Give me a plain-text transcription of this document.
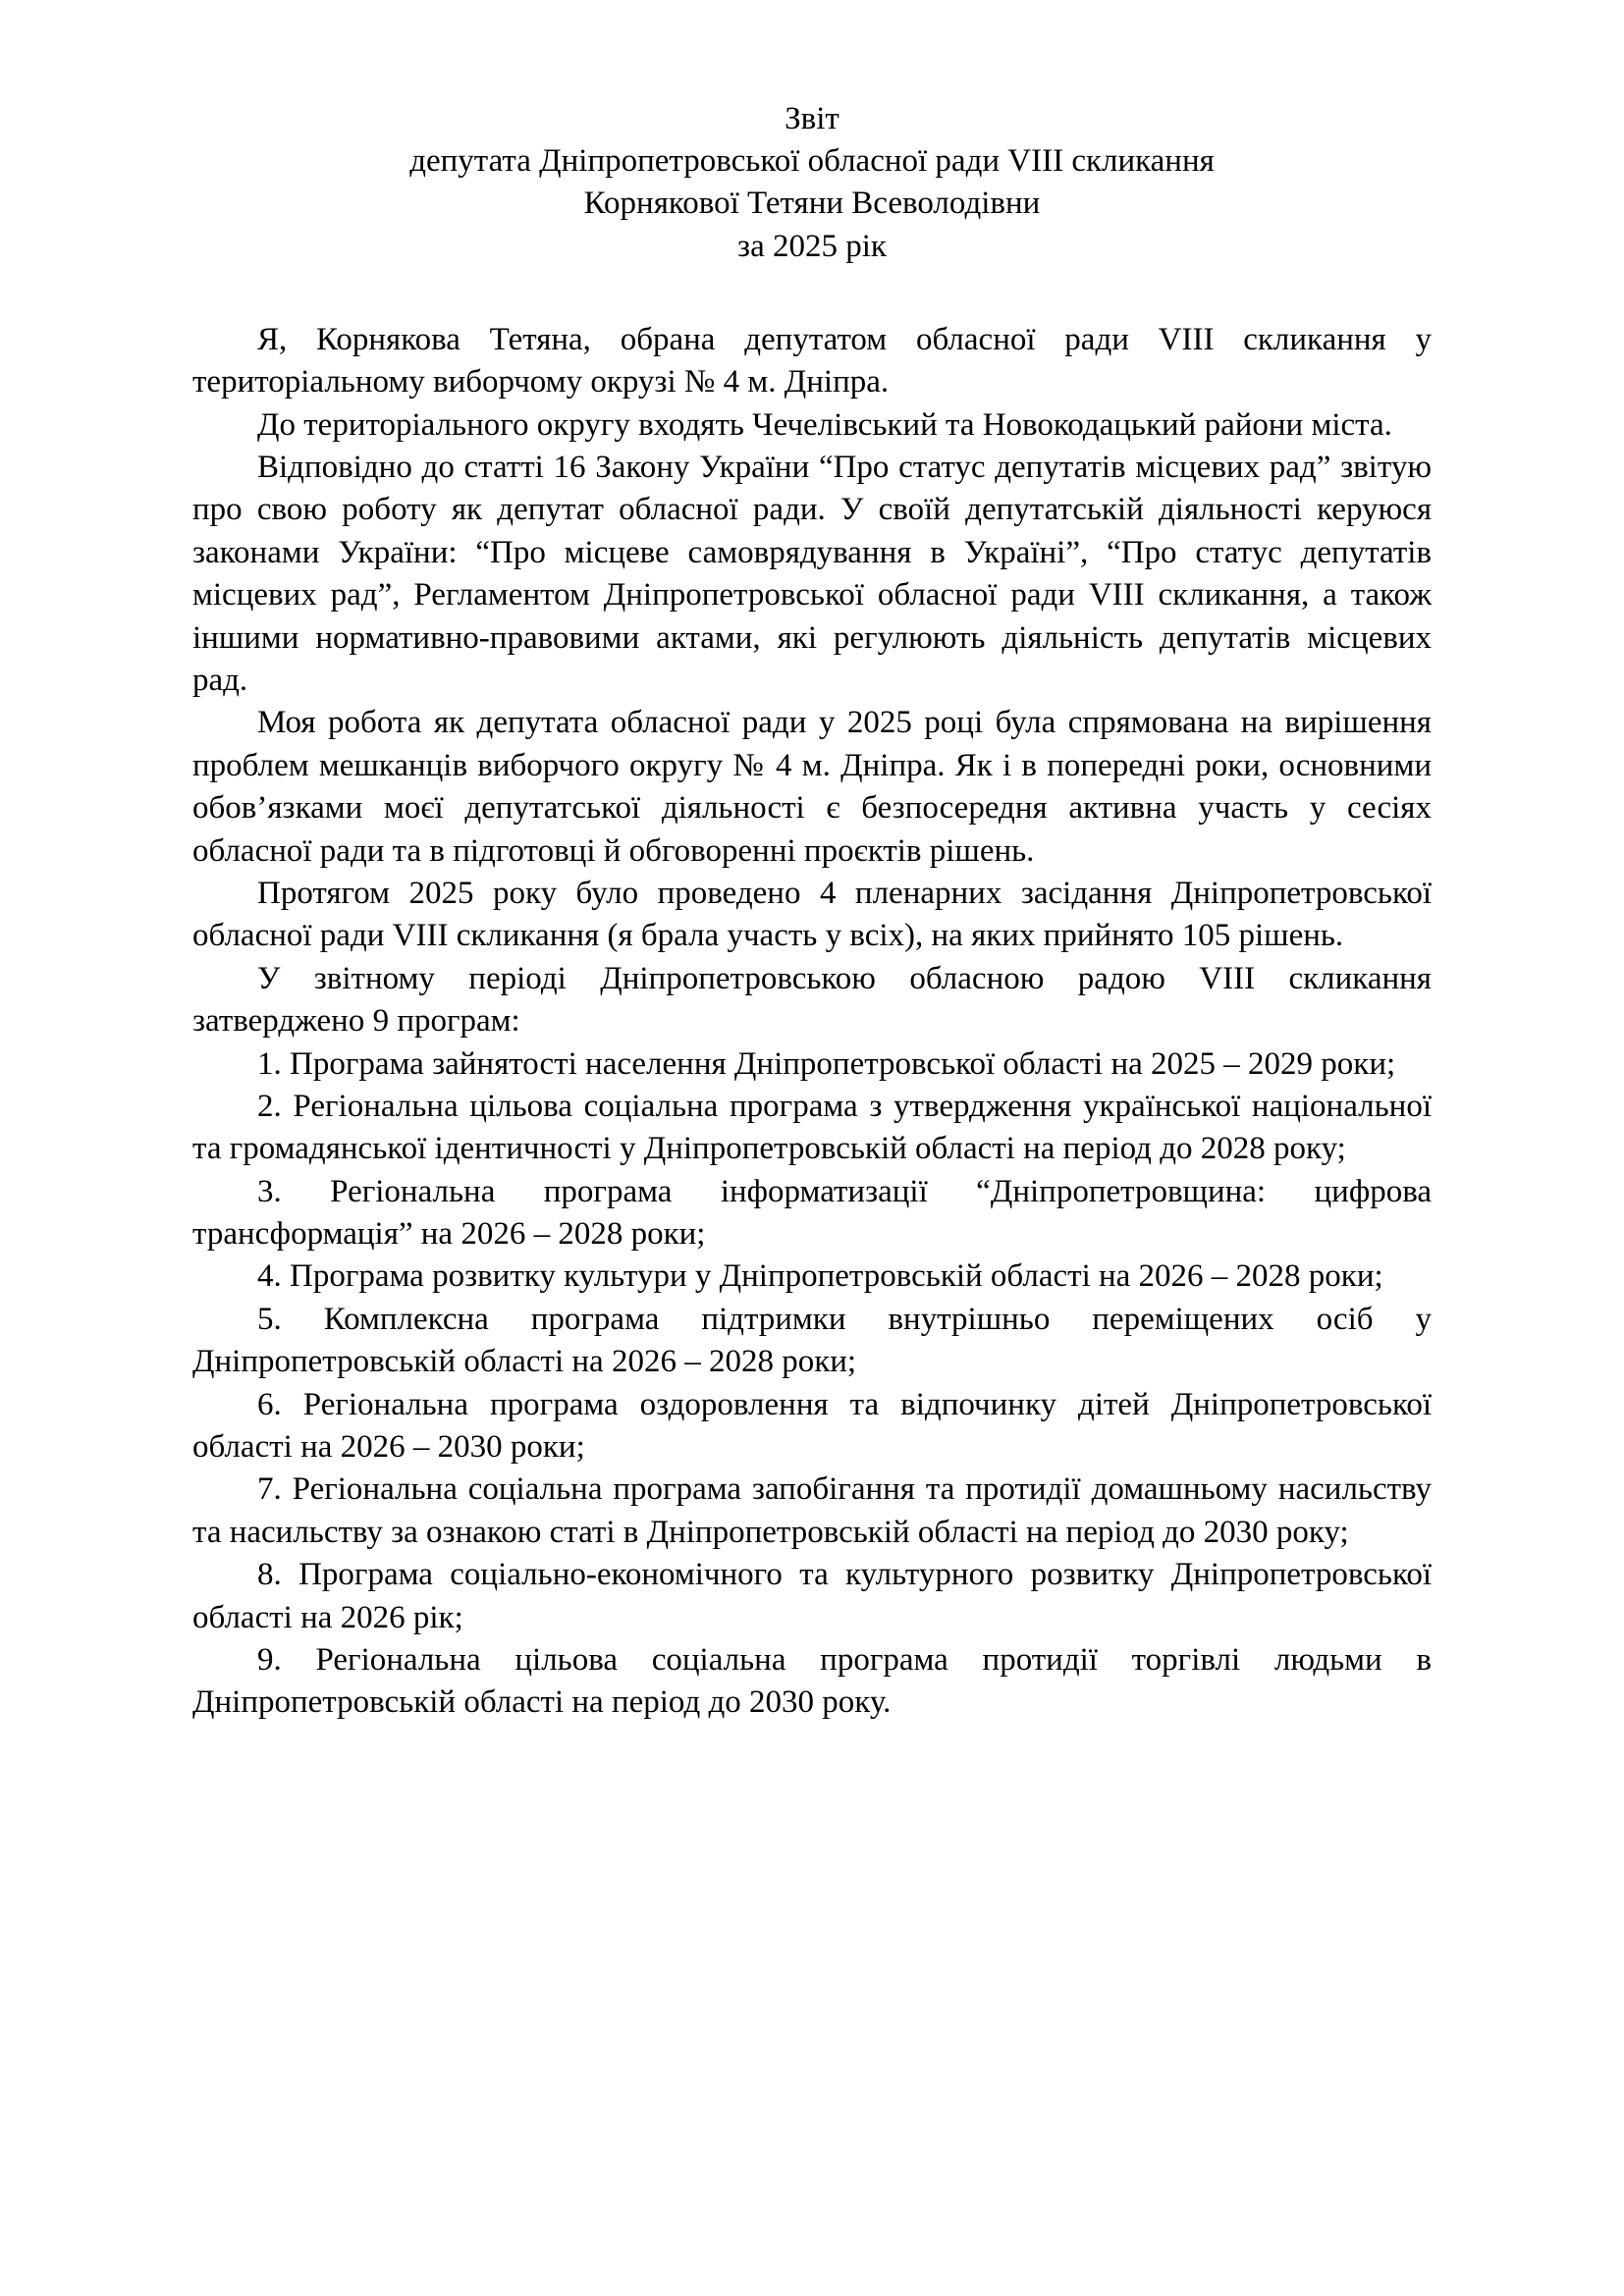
Звіт
депутата Дніпропетровської обласної ради VIII скликання
Корнякової Тетяни Всеволодівни
за 2025 рік

Я, Корнякова Тетяна, обрана депутатом обласної ради VIII скликання у територіальному виборчому окрузі № 4 м. Дніпра.

До територіального округу входять Чечелівський та Новокодацький райони міста.

Відповідно до статті 16 Закону України “Про статус депутатів місцевих рад” звітую про свою роботу як депутат обласної ради. У своїй депутатській діяльності керуюся законами України: “Про місцеве самоврядування в Україні”, “Про статус депутатів місцевих рад”, Регламентом Дніпропетровської обласної ради VIII скликання, а також іншими нормативно-правовими актами, які регулюють діяльність депутатів місцевих рад.

Моя робота як депутата обласної ради у 2025 році була спрямована на вирішення проблем мешканців виборчого округу № 4 м. Дніпра. Як і в попередні роки, основними обов’язками моєї депутатської діяльності є безпосередня активна участь у сесіях обласної ради та в підготовці й обговоренні проєктів рішень.

Протягом 2025 року було проведено 4 пленарних засідання Дніпропетровської обласної ради VIII скликання (я брала участь у всіх), на яких прийнято 105 рішень.

У звітному періоді Дніпропетровською обласною радою VIII скликання затверджено 9 програм:

1. Програма зайнятості населення Дніпропетровської області на 2025 – 2029 роки;

2. Регіональна цільова соціальна програма з утвердження української національної та громадянської ідентичності у Дніпропетровській області на період до 2028 року;

3. Регіональна програма інформатизації “Дніпропетровщина: цифрова трансформація” на 2026 – 2028 роки;

4. Програма розвитку культури у Дніпропетровській області на 2026 – 2028 роки;

5. Комплексна програма підтримки внутрішньо переміщених осіб у Дніпропетровській області на 2026 – 2028 роки;

6. Регіональна програма оздоровлення та відпочинку дітей Дніпропетровської області на 2026 – 2030 роки;

7. Регіональна соціальна програма запобігання та протидії домашньому насильству та насильству за ознакою статі в Дніпропетровській області на період до 2030 року;

8. Програма соціально-економічного та культурного розвитку Дніпропетровської області на 2026 рік;

9. Регіональна цільова соціальна програма протидії торгівлі людьми в Дніпропетровській області на період до 2030 року.
